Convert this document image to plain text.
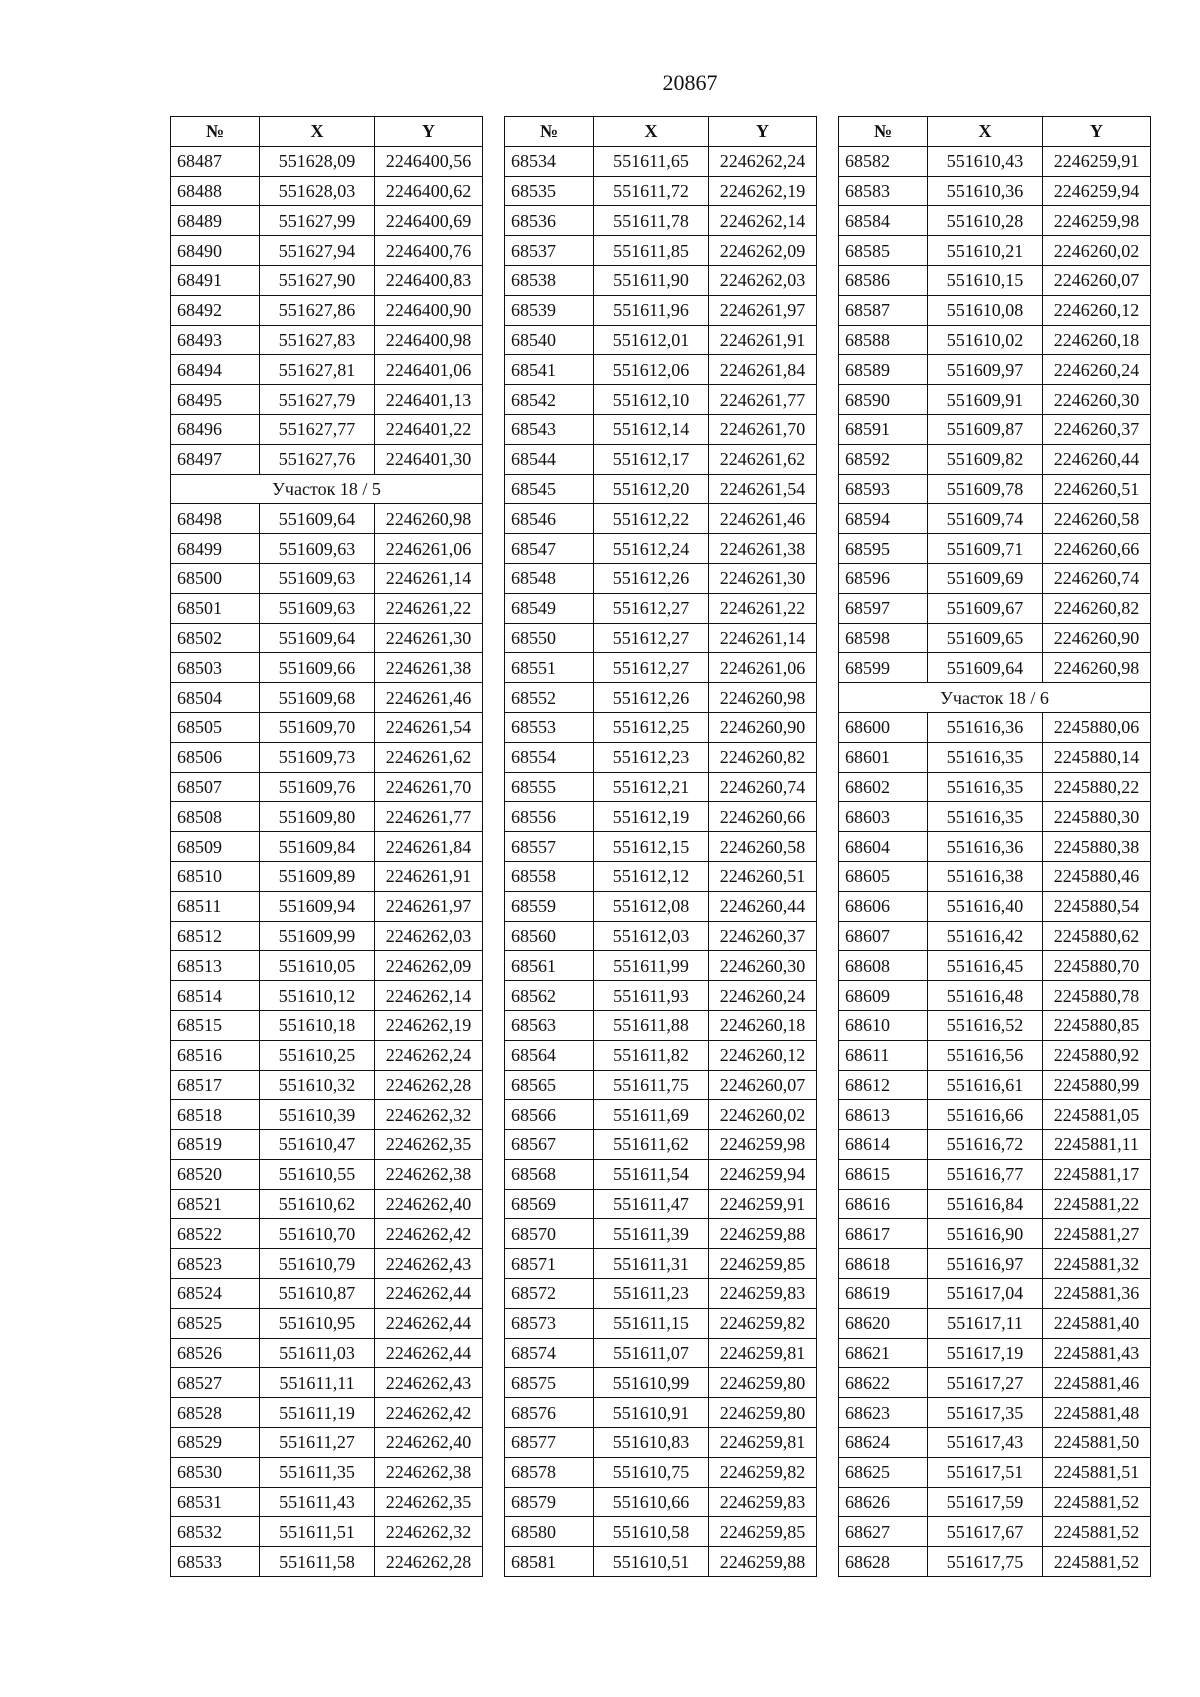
20867
№	X	Y
68487	551628,09	2246400,56
68488	551628,03	2246400,62
68489	551627,99	2246400,69
68490	551627,94	2246400,76
68491	551627,90	2246400,83
68492	551627,86	2246400,90
68493	551627,83	2246400,98
68494	551627,81	2246401,06
68495	551627,79	2246401,13
68496	551627,77	2246401,22
68497	551627,76	2246401,30
Участок 18 / 5		
68498	551609,64	2246260,98
68499	551609,63	2246261,06
68500	551609,63	2246261,14
68501	551609,63	2246261,22
68502	551609,64	2246261,30
68503	551609,66	2246261,38
68504	551609,68	2246261,46
68505	551609,70	2246261,54
68506	551609,73	2246261,62
68507	551609,76	2246261,70
68508	551609,80	2246261,77
68509	551609,84	2246261,84
68510	551609,89	2246261,91
68511	551609,94	2246261,97
68512	551609,99	2246262,03
68513	551610,05	2246262,09
68514	551610,12	2246262,14
68515	551610,18	2246262,19
68516	551610,25	2246262,24
68517	551610,32	2246262,28
68518	551610,39	2246262,32
68519	551610,47	2246262,35
68520	551610,55	2246262,38
68521	551610,62	2246262,40
68522	551610,70	2246262,42
68523	551610,79	2246262,43
68524	551610,87	2246262,44
68525	551610,95	2246262,44
68526	551611,03	2246262,44
68527	551611,11	2246262,43
68528	551611,19	2246262,42
68529	551611,27	2246262,40
68530	551611,35	2246262,38
68531	551611,43	2246262,35
68532	551611,51	2246262,32
68533	551611,58	2246262,28
№	X	Y
68534	551611,65	2246262,24
68535	551611,72	2246262,19
68536	551611,78	2246262,14
68537	551611,85	2246262,09
68538	551611,90	2246262,03
68539	551611,96	2246261,97
68540	551612,01	2246261,91
68541	551612,06	2246261,84
68542	551612,10	2246261,77
68543	551612,14	2246261,70
68544	551612,17	2246261,62
68545	551612,20	2246261,54
68546	551612,22	2246261,46
68547	551612,24	2246261,38
68548	551612,26	2246261,30
68549	551612,27	2246261,22
68550	551612,27	2246261,14
68551	551612,27	2246261,06
68552	551612,26	2246260,98
68553	551612,25	2246260,90
68554	551612,23	2246260,82
68555	551612,21	2246260,74
68556	551612,19	2246260,66
68557	551612,15	2246260,58
68558	551612,12	2246260,51
68559	551612,08	2246260,44
68560	551612,03	2246260,37
68561	551611,99	2246260,30
68562	551611,93	2246260,24
68563	551611,88	2246260,18
68564	551611,82	2246260,12
68565	551611,75	2246260,07
68566	551611,69	2246260,02
68567	551611,62	2246259,98
68568	551611,54	2246259,94
68569	551611,47	2246259,91
68570	551611,39	2246259,88
68571	551611,31	2246259,85
68572	551611,23	2246259,83
68573	551611,15	2246259,82
68574	551611,07	2246259,81
68575	551610,99	2246259,80
68576	551610,91	2246259,80
68577	551610,83	2246259,81
68578	551610,75	2246259,82
68579	551610,66	2246259,83
68580	551610,58	2246259,85
68581	551610,51	2246259,88
№	X	Y
68582	551610,43	2246259,91
68583	551610,36	2246259,94
68584	551610,28	2246259,98
68585	551610,21	2246260,02
68586	551610,15	2246260,07
68587	551610,08	2246260,12
68588	551610,02	2246260,18
68589	551609,97	2246260,24
68590	551609,91	2246260,30
68591	551609,87	2246260,37
68592	551609,82	2246260,44
68593	551609,78	2246260,51
68594	551609,74	2246260,58
68595	551609,71	2246260,66
68596	551609,69	2246260,74
68597	551609,67	2246260,82
68598	551609,65	2246260,90
68599	551609,64	2246260,98
Участок 18 / 6		
68600	551616,36	2245880,06
68601	551616,35	2245880,14
68602	551616,35	2245880,22
68603	551616,35	2245880,30
68604	551616,36	2245880,38
68605	551616,38	2245880,46
68606	551616,40	2245880,54
68607	551616,42	2245880,62
68608	551616,45	2245880,70
68609	551616,48	2245880,78
68610	551616,52	2245880,85
68611	551616,56	2245880,92
68612	551616,61	2245880,99
68613	551616,66	2245881,05
68614	551616,72	2245881,11
68615	551616,77	2245881,17
68616	551616,84	2245881,22
68617	551616,90	2245881,27
68618	551616,97	2245881,32
68619	551617,04	2245881,36
68620	551617,11	2245881,40
68621	551617,19	2245881,43
68622	551617,27	2245881,46
68623	551617,35	2245881,48
68624	551617,43	2245881,50
68625	551617,51	2245881,51
68626	551617,59	2245881,52
68627	551617,67	2245881,52
68628	551617,75	2245881,52
